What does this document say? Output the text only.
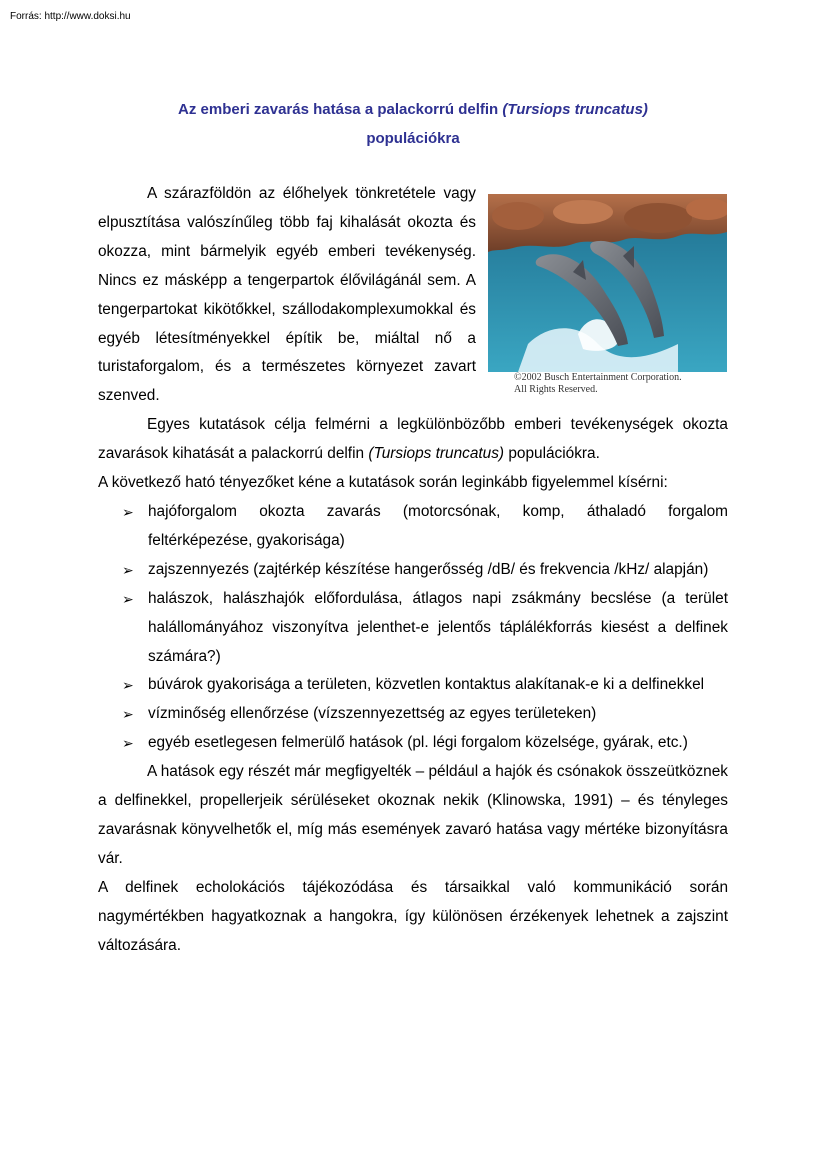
Forrás: http://www.doksi.hu
Az emberi zavarás hatása a palackorrú delfin (Tursiops truncatus)
populációkra
©2002 Busch Entertainment Corporation.
All Rights Reserved.

A szárazföldön az élőhelyek tönkretétele vagy elpusztítása valószínűleg több faj kihalását okozta és okozza, mint bármelyik egyéb emberi tevékenység. Nincs ez másképp a tengerpartok élővilágánál sem. A tengerpartokat kikötőkkel, szállodakomplexumokkal és egyéb létesítményekkel építik be, miáltal nő a turistaforgalom, és a természetes környezet zavart szenved.

Egyes kutatások célja felmérni a legkülönbözőbb emberi tevékenységek okozta zavarások kihatását a palackorrú delfin (Tursiops truncatus) populációkra.

A következő ható tényezőket kéne a kutatások során leginkább figyelemmel kísérni:

➢ hajóforgalom okozta zavarás (motorcsónak, komp, áthaladó forgalom feltérképezése, gyakorisága)
➢ zajszennyezés (zajtérkép készítése hangerősség /dB/ és frekvencia /kHz/ alapján)
➢ halászok, halászhajók előfordulása, átlagos napi zsákmány becslése (a terület halállományához viszonyítva jelenthet-e jelentős táplálékforrás kiesést a delfinek számára?)
➢ búvárok gyakorisága a területen, közvetlen kontaktus alakítanak-e ki a delfinekkel
➢ vízminőség ellenőrzése (vízszennyezettség az egyes területeken)
➢ egyéb esetlegesen felmerülő hatások (pl. légi forgalom közelsége, gyárak, etc.)

A hatások egy részét már megfigyelték – például a hajók és csónakok összeütköznek a delfinekkel, propellerjeik sérüléseket okoznak nekik (Klinowska, 1991) – és tényleges zavarásnak könyvelhetők el, míg más események zavaró hatása vagy mértéke bizonyításra vár.

A delfinek echolokációs tájékozódása és társaikkal való kommunikáció során nagymértékben hagyatkoznak a hangokra, így különösen érzékenyek lehetnek a zajszint változására.
